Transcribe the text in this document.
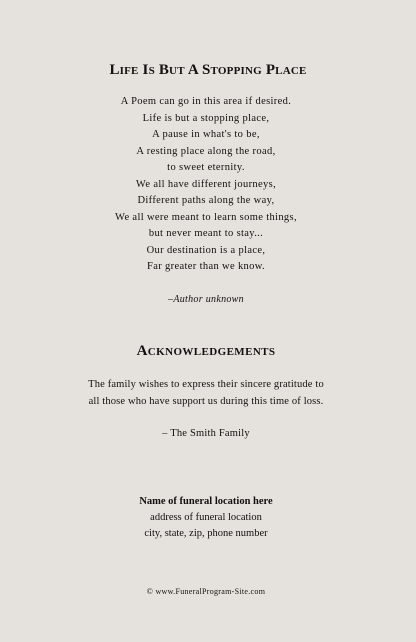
Life Is But A Stopping Place
A Poem can go in this area if desired.
Life is but a stopping place,
A pause in what's to be,
A resting place along the road,
to sweet eternity.
We all have different journeys,
Different paths along the way,
We all were meant to learn some things,
but never meant to stay...
Our destination is a place,
Far greater than we know.
–Author unknown
Acknowledgements
The family wishes to express their sincere gratitude to
all those who have support us during this time of loss.
– The Smith Family
Name of funeral location here
address of funeral location
city, state, zip, phone number
© www.FuneralProgram-Site.com
